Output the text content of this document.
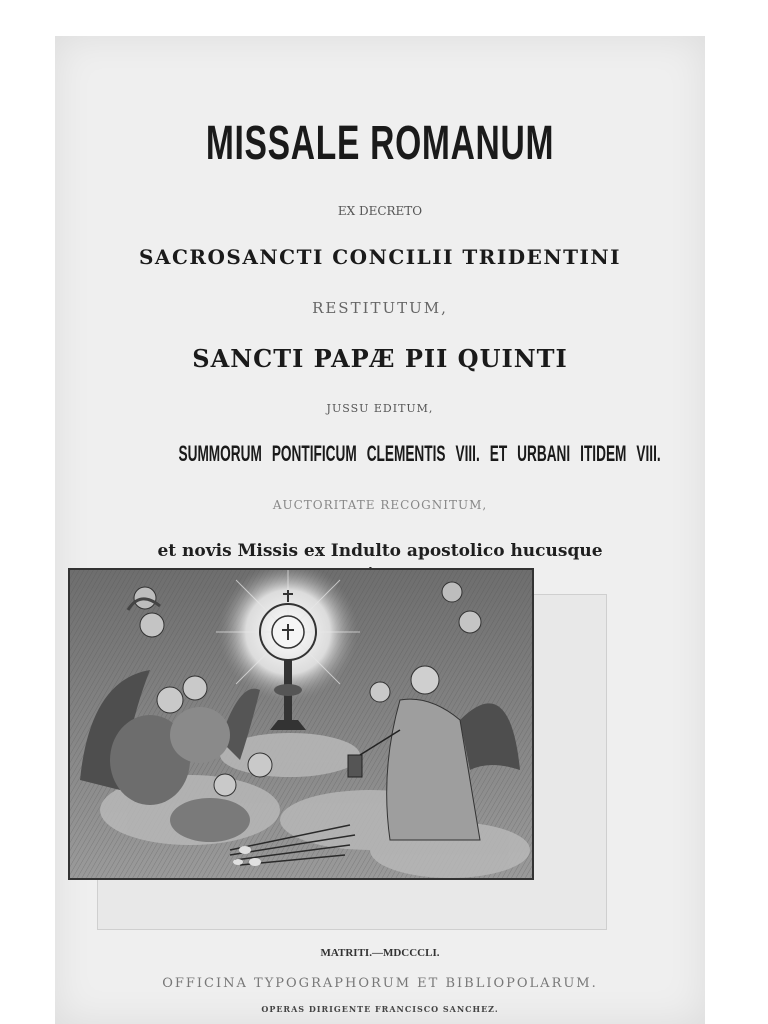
MISSALE ROMANUM
EX DECRETO
SACROSANCTI CONCILII TRIDENTINI
RESTITUTUM,
SANCTI PAPÆ PII QUINTI
JUSSU EDITUM,
SUMMORUM PONTIFICUM CLEMENTIS VIII. ET URBANI ITIDEM VIII.
AUCTORITATE RECOGNITUM,
et novis Missis ex Indulto apostolico hucusque
MATRITI.—MDCCCLI.
OFFICINA TYPOGRAPHORUM ET BIBLIOPOLARUM.
OPERAS DIRIGENTE FRANCISCO SANCHEZ.
